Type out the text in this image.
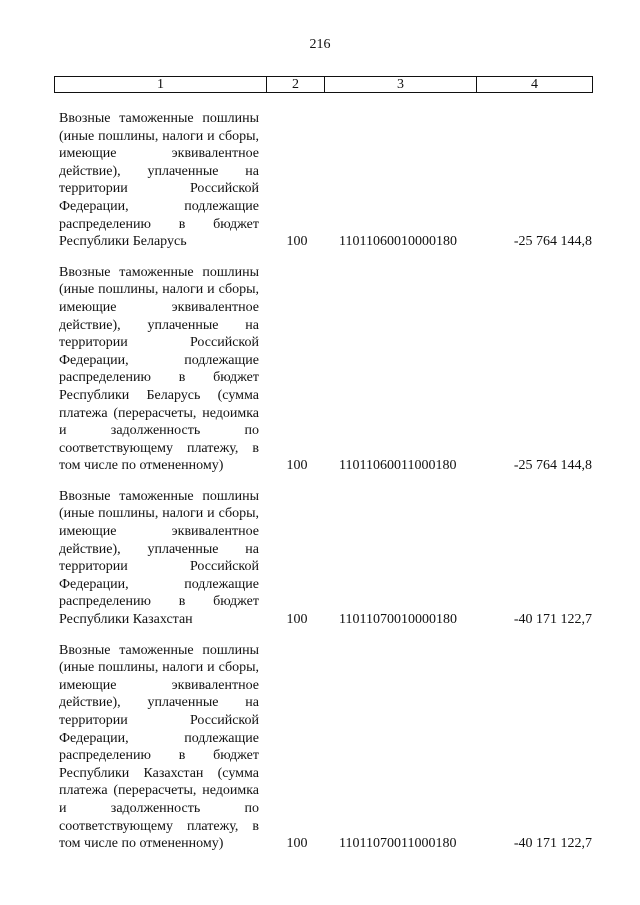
216
1	2	3	4
Ввозные таможенные пошлины (иные пошлины, налоги и сборы, имеющие эквивалентное действие), уплаченные на территории Российской Федерации, подлежащие распределению в бюджет Республики Беларусь	100	11011060010000180	-25 764 144,8
Ввозные таможенные пошлины (иные пошлины, налоги и сборы, имеющие эквивалентное действие), уплаченные на территории Российской Федерации, подлежащие распределению в бюджет Республики Беларусь (сумма платежа (перерасчеты, недоимка и задолженность по соответствующему платежу, в том числе по отмененному)	100	11011060011000180	-25 764 144,8
Ввозные таможенные пошлины (иные пошлины, налоги и сборы, имеющие эквивалентное действие), уплаченные на территории Российской Федерации, подлежащие распределению в бюджет Республики Казахстан	100	11011070010000180	-40 171 122,7
Ввозные таможенные пошлины (иные пошлины, налоги и сборы, имеющие эквивалентное действие), уплаченные на территории Российской Федерации, подлежащие распределению в бюджет Республики Казахстан (сумма платежа (перерасчеты, недоимка и задолженность по соответствующему платежу, в том числе по отмененному)	100	11011070011000180	-40 171 122,7
